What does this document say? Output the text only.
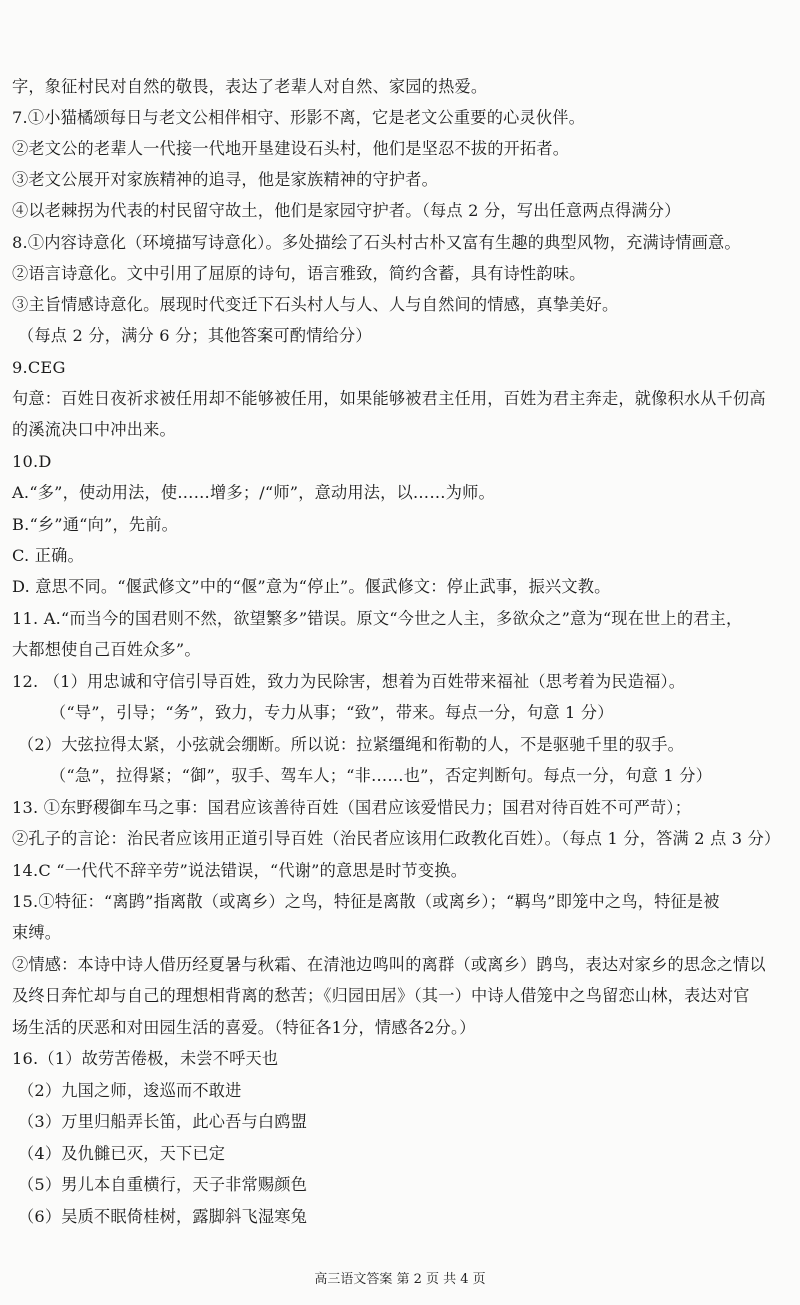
字，象征村民对自然的敬畏，表达了老辈人对自然、家园的热爱。
7.①小猫橘颂每日与老文公相伴相守、形影不离，它是老文公重要的心灵伙伴。
②老文公的老辈人一代接一代地开垦建设石头村，他们是坚忍不拔的开拓者。
③老文公展开对家族精神的追寻，他是家族精神的守护者。
④以老棘拐为代表的村民留守故土，他们是家园守护者。（每点 2 分，写出任意两点得满分）
8.①内容诗意化（环境描写诗意化）。多处描绘了石头村古朴又富有生趣的典型风物，充满诗情画意。
②语言诗意化。文中引用了屈原的诗句，语言雅致，简约含蓄，具有诗性韵味。
③主旨情感诗意化。展现时代变迁下石头村人与人、人与自然间的情感，真挚美好。
（每点 2 分，满分 6 分；其他答案可酌情给分）
9.CEG
句意：百姓日夜祈求被任用却不能够被任用，如果能够被君主任用，百姓为君主奔走，就像积水从千仞高
的溪流决口中冲出来。
10.D
A.“多”，使动用法，使……增多；/“师”，意动用法，以……为师。
B.“乡”通“向”，先前。
C. 正确。
D. 意思不同。“偃武修文”中的“偃”意为“停止”。偃武修文：停止武事，振兴文教。
11. A.“而当今的国君则不然，欲望繁多”错误。原文“今世之人主，多欲众之”意为“现在世上的君主，
大都想使自己百姓众多”。
12. （1）用忠诚和守信引导百姓，致力为民除害，想着为百姓带来福祉（思考着为民造福）。
（“导”，引导；“务”，致力，专力从事；“致”，带来。每点一分，句意 1 分）
（2）大弦拉得太紧，小弦就会绷断。所以说：拉紧缰绳和衔勒的人，不是驱驰千里的驭手。
（“急”，拉得紧；“御”，驭手、驾车人；“非……也”，否定判断句。每点一分，句意 1 分）
13. ①东野稷御车马之事：国君应该善待百姓（国君应该爱惜民力；国君对待百姓不可严苛）；
②孔子的言论：治民者应该用正道引导百姓（治民者应该用仁政教化百姓）。（每点 1 分，答满 2 点 3 分）
14.C “一代代不辞辛劳”说法错误，“代谢”的意思是时节变换。
15.①特征：“离鹍”指离散（或离乡）之鸟，特征是离散（或离乡）；“羁鸟”即笼中之鸟，特征是被
束缚。
②情感：本诗中诗人借历经夏暑与秋霜、在清池边鸣叫的离群（或离乡）鹍鸟，表达对家乡的思念之情以
及终日奔忙却与自己的理想相背离的愁苦；《归园田居》（其一）中诗人借笼中之鸟留恋山林，表达对官
场生活的厌恶和对田园生活的喜爱。（特征各1分，情感各2分。）
16.（1）故劳苦倦极，未尝不呼天也
（2）九国之师，逡巡而不敢进
（3）万里归船弄长笛，此心吾与白鸥盟
（4）及仇雠已灭，天下已定
（5）男儿本自重横行，天子非常赐颜色
（6）吴质不眠倚桂树，露脚斜飞湿寒兔
高三语文答案 第 2 页 共 4 页
